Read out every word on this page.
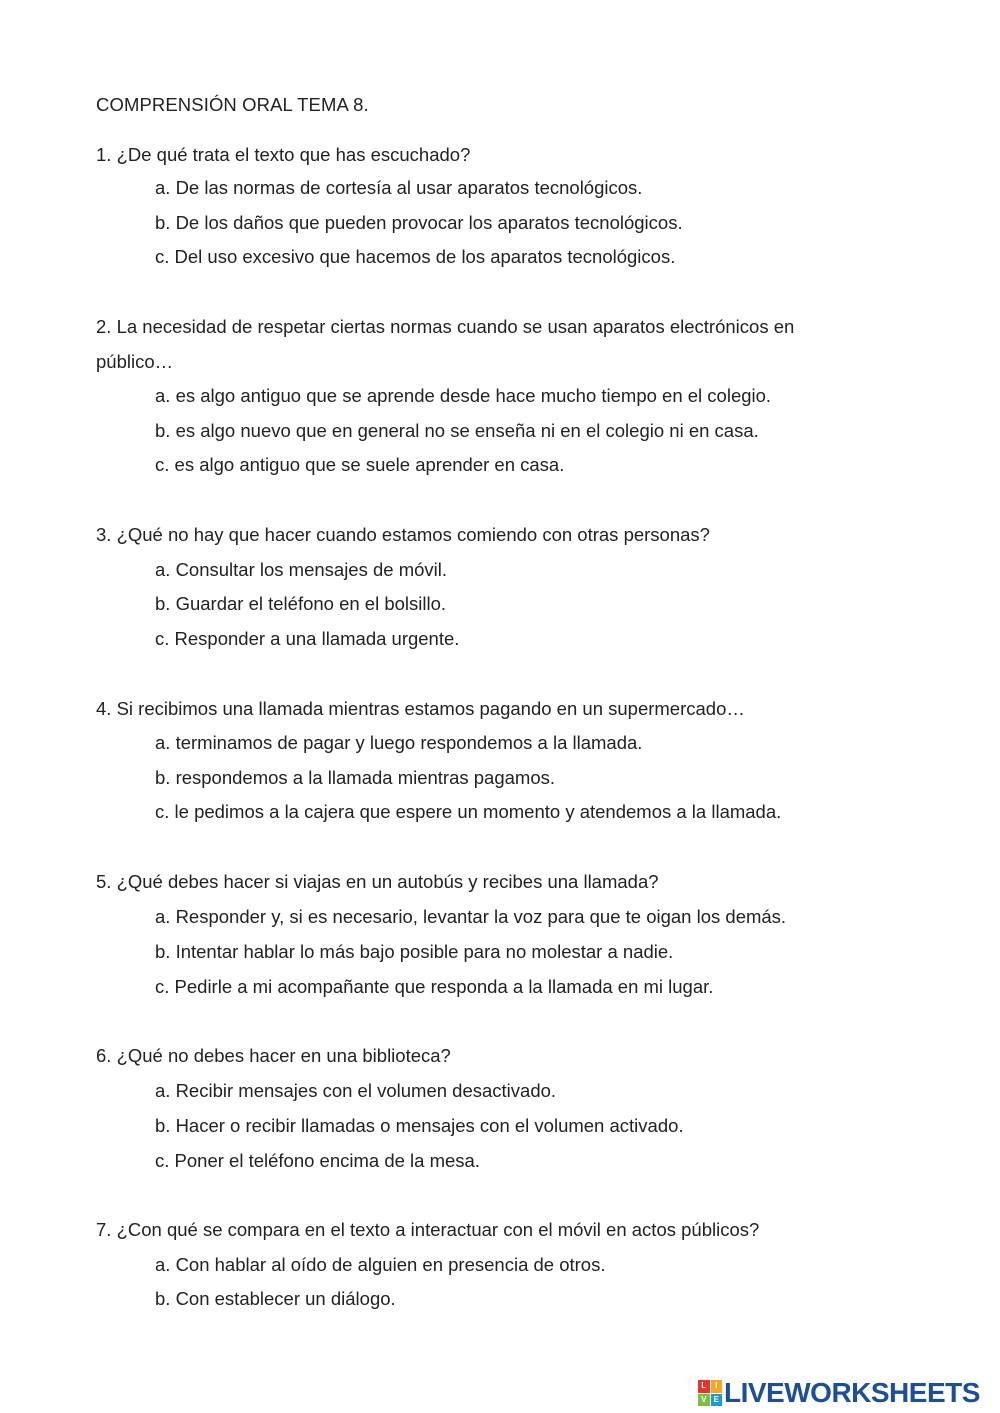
COMPRENSIÓN ORAL TEMA 8.
1. ¿De qué trata el texto que has escuchado?
a. De las normas de cortesía al usar aparatos tecnológicos.
b. De los daños que pueden provocar los aparatos tecnológicos.
c. Del uso excesivo que hacemos de los aparatos tecnológicos.
2. La necesidad de respetar ciertas normas cuando se usan aparatos electrónicos en
público…
a. es algo antiguo que se aprende desde hace mucho tiempo en el colegio.
b. es algo nuevo que en general no se enseña ni en el colegio ni en casa.
c. es algo antiguo que se suele aprender en casa.
3. ¿Qué no hay que hacer cuando estamos comiendo con otras personas?
a. Consultar los mensajes de móvil.
b. Guardar el teléfono en el bolsillo.
c. Responder a una llamada urgente.
4. Si recibimos una llamada mientras estamos pagando en un supermercado…
a. terminamos de pagar y luego respondemos a la llamada.
b. respondemos a la llamada mientras pagamos.
c. le pedimos a la cajera que espere un momento y atendemos a la llamada.
5. ¿Qué debes hacer si viajas en un autobús y recibes una llamada?
a. Responder y, si es necesario, levantar la voz para que te oigan los demás.
b. Intentar hablar lo más bajo posible para no molestar a nadie.
c. Pedirle a mi acompañante que responda a la llamada en mi lugar.
6. ¿Qué no debes hacer en una biblioteca?
a. Recibir mensajes con el volumen desactivado.
b. Hacer o recibir llamadas o mensajes con el volumen activado.
c. Poner el teléfono encima de la mesa.
7. ¿Con qué se compara en el texto a interactuar con el móvil en actos públicos?
a. Con hablar al oído de alguien en presencia de otros.
b. Con establecer un diálogo.
L	I
V E LIVEWORKSHEETS
